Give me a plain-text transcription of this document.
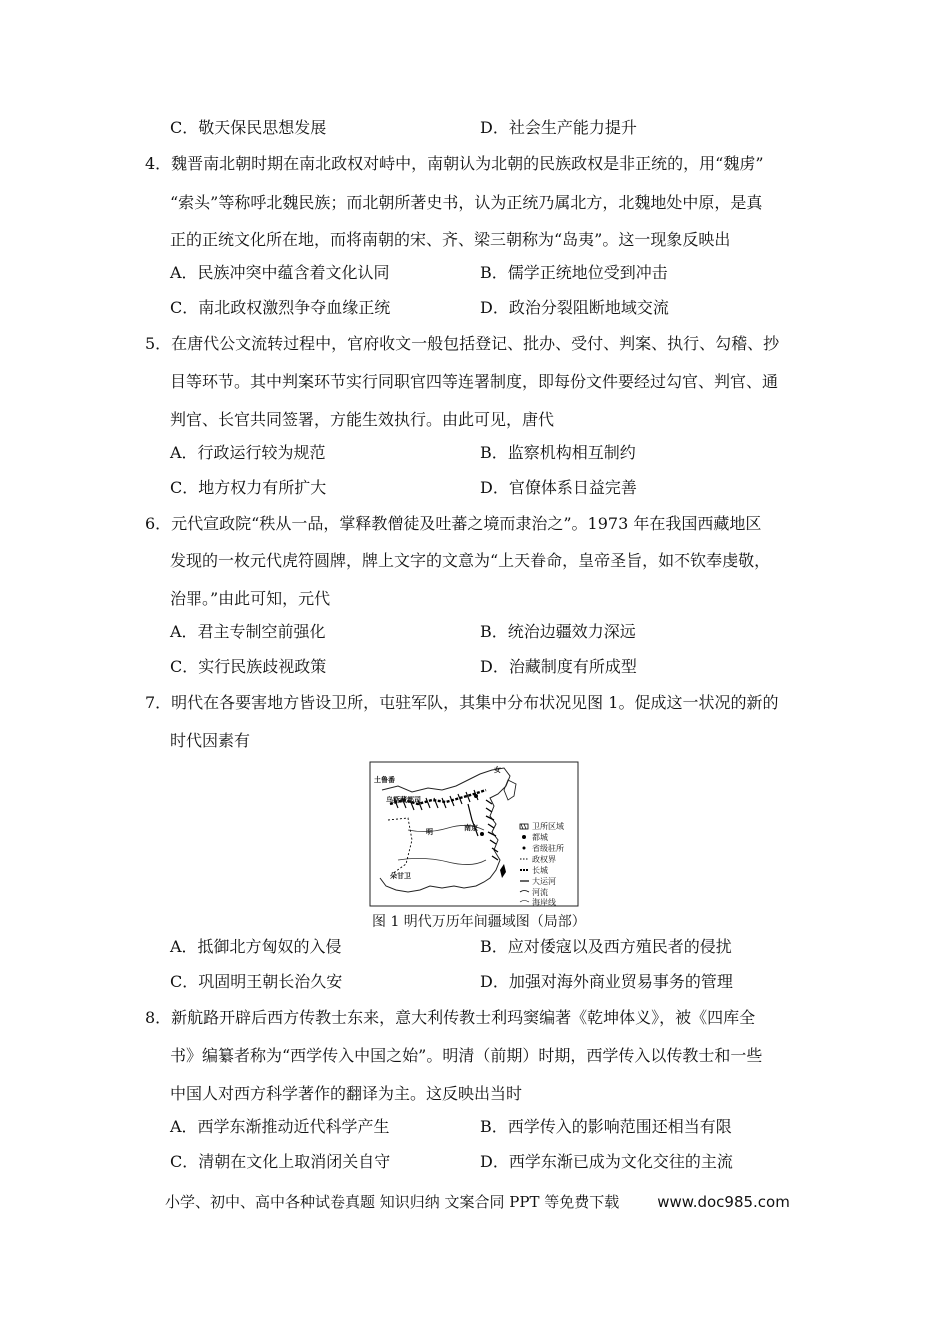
C．敬天保民思想发展	D．社会生产能力提升
4．魏晋南北朝时期在南北政权对峙中，南朝认为北朝的民族政权是非正统的，用“魏虏”
“索头”等称呼北魏民族；而北朝所著史书，认为正统乃属北方，北魏地处中原，是真
正的正统文化所在地，而将南朝的宋、齐、梁三朝称为“岛夷”。这一现象反映出
A．民族冲突中蕴含着文化认同	B．儒学正统地位受到冲击
C．南北政权激烈争夺血缘正统	D．政治分裂阻断地域交流
5．在唐代公文流转过程中，官府收文一般包括登记、批办、受付、判案、执行、勾稽、抄
目等环节。其中判案环节实行同职官四等连署制度，即每份文件要经过勾官、判官、通
判官、长官共同签署，方能生效执行。由此可见，唐代
A．行政运行较为规范	B．监察机构相互制约
C．地方权力有所扩大	D．官僚体系日益完善
6．元代宣政院“秩从一品，掌释教僧徒及吐蕃之境而隶治之”。1973 年在我国西藏地区
发现的一枚元代虎符圆牌，牌上文字的文意为“上天眷命，皇帝圣旨，如不钦奉虔敬，
治罪。”由此可知，元代
A．君主专制空前强化	B．统治边疆效力深远
C．实行民族歧视政策	D．治藏制度有所成型
7．明代在各要害地方皆设卫所，屯驻军队，其集中分布状况见图 1。促成这一状况的新的
时代因素有
土鲁番
明	南京
女
乌斯藏都司
朵甘卫
卫所区域
都城
省级驻所
政权界
长城
大运河
河流
海岸线
图 1 明代万历年间疆域图（局部）
A．抵御北方匈奴的入侵	B．应对倭寇以及西方殖民者的侵扰
C．巩固明王朝长治久安	D．加强对海外商业贸易事务的管理
8．新航路开辟后西方传教士东来，意大利传教士利玛窦编著《乾坤体义》，被《四库全
书》编纂者称为“西学传入中国之始”。明清（前期）时期，西学传入以传教士和一些
中国人对西方科学著作的翻译为主。这反映出当时
A．西学东渐推动近代科学产生	B．西学传入的影响范围还相当有限
C．清朝在文化上取消闭关自守	D．西学东渐已成为文化交往的主流
小学、初中、高中各种试卷真题 知识归纳 文案合同 PPT 等免费下载	www.doc985.com
